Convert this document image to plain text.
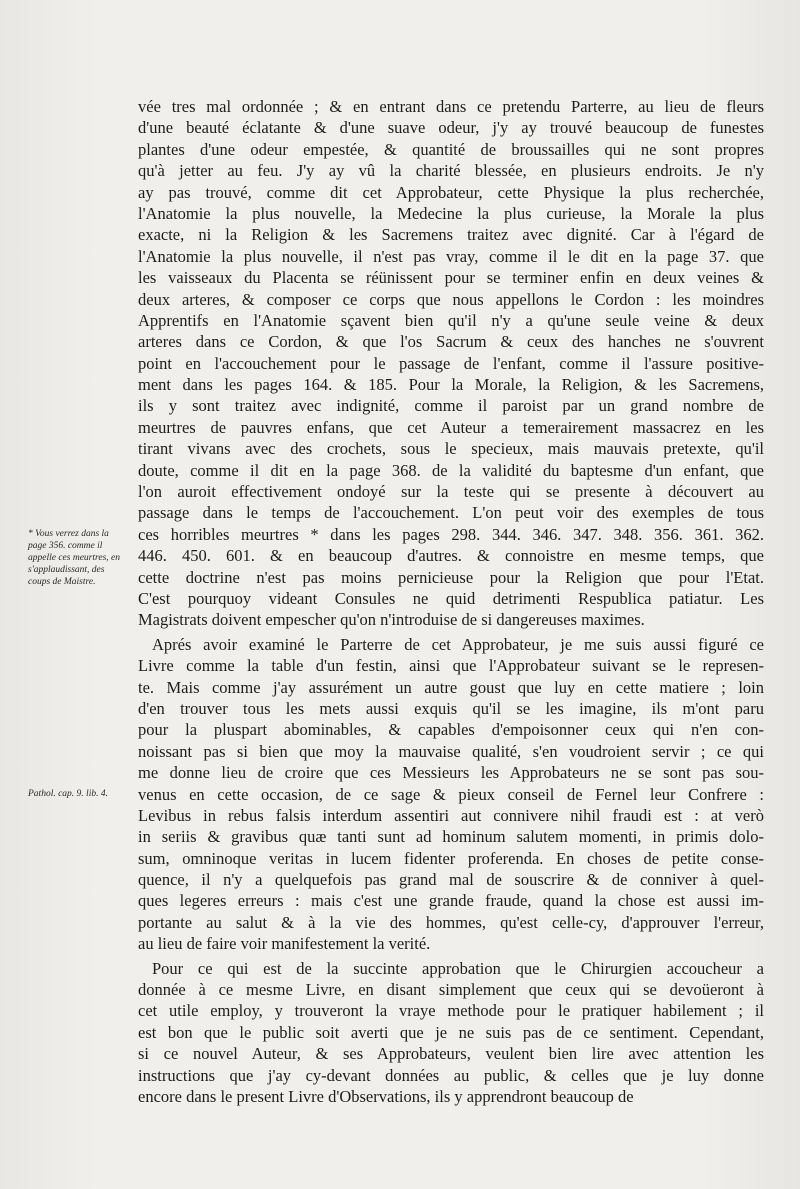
* Vous verrez dans la page 356. comme il appelle ces meurtres, en s'applaudissant, des coups de Maistre.
Pathol. cap. 9. lib. 4.
vée tres mal ordonnée ; & en entrant dans ce pretendu Parterre, au lieu de fleurs
d'une beauté éclatante & d'une suave odeur, j'y ay trouvé beaucoup de funestes
plantes d'une odeur empestée, & quantité de broussailles qui ne sont propres
qu'à jetter au feu. J'y ay vû la charité blessée, en plusieurs endroits. Je n'y
ay pas trouvé, comme dit cet Approbateur, cette Physique la plus recherchée,
l'Anatomie la plus nouvelle, la Medecine la plus curieuse, la Morale la plus
exacte, ni la Religion & les Sacremens traitez avec dignité. Car à l'égard de
l'Anatomie la plus nouvelle, il n'est pas vray, comme il le dit en la page 37. que
les vaisseaux du Placenta se réünissent pour se terminer enfin en deux veines &
deux arteres, & composer ce corps que nous appellons le Cordon : les moindres
Apprentifs en l'Anatomie sçavent bien qu'il n'y a qu'une seule veine & deux
arteres dans ce Cordon, & que l'os Sacrum & ceux des hanches ne s'ouvrent
point en l'accouchement pour le passage de l'enfant, comme il l'assure positive-
ment dans les pages 164. & 185. Pour la Morale, la Religion, & les Sacremens,
ils y sont traitez avec indignité, comme il paroist par un grand nombre de
meurtres de pauvres enfans, que cet Auteur a temerairement massacrez en les
tirant vivans avec des crochets, sous le specieux, mais mauvais pretexte, qu'il
doute, comme il dit en la page 368. de la validité du baptesme d'un enfant, que
l'on auroit effectivement ondoyé sur la teste qui se presente à découvert au
passage dans le temps de l'accouchement. L'on peut voir des exemples de tous
ces horribles meurtres * dans les pages 298. 344. 346. 347. 348. 356. 361. 362.
446. 450. 601. & en beaucoup d'autres. & connoistre en mesme temps, que
cette doctrine n'est pas moins pernicieuse pour la Religion que pour l'Etat.
C'est pourquoy videant Consules ne quid detrimenti Respublica patiatur. Les
Magistrats doivent empescher qu'on n'introduise de si dangereuses maximes.
Aprés avoir examiné le Parterre de cet Approbateur, je me suis aussi figuré ce
Livre comme la table d'un festin, ainsi que l'Approbateur suivant se le represen-
te. Mais comme j'ay assurément un autre goust que luy en cette matiere ; loin
d'en trouver tous les mets aussi exquis qu'il se les imagine, ils m'ont paru
pour la pluspart abominables, & capables d'empoisonner ceux qui n'en con-
noissant pas si bien que moy la mauvaise qualité, s'en voudroient servir ; ce qui
me donne lieu de croire que ces Messieurs les Approbateurs ne se sont pas sou-
venus en cette occasion, de ce sage & pieux conseil de Fernel leur Confrere :
Levibus in rebus falsis interdum assentiri aut connivere nihil fraudi est : at verò
in seriis & gravibus quæ tanti sunt ad hominum salutem momenti, in primis dolo-
sum, omninoque veritas in lucem fidenter proferenda. En choses de petite conse-
quence, il n'y a quelquefois pas grand mal de souscrire & de conniver à quel-
ques legeres erreurs : mais c'est une grande fraude, quand la chose est aussi im-
portante au salut & à la vie des hommes, qu'est celle-cy, d'approuver l'erreur,
au lieu de faire voir manifestement la verité.
Pour ce qui est de la succinte approbation que le Chirurgien accoucheur a
donnée à ce mesme Livre, en disant simplement que ceux qui se devoüeront à
cet utile employ, y trouveront la vraye methode pour le pratiquer habilement ; il
est bon que le public soit averti que je ne suis pas de ce sentiment. Cependant,
si ce nouvel Auteur, & ses Approbateurs, veulent bien lire avec attention les
instructions que j'ay cy-devant données au public, & celles que je luy donne
encore dans le present Livre d'Observations, ils y apprendront beaucoup de
